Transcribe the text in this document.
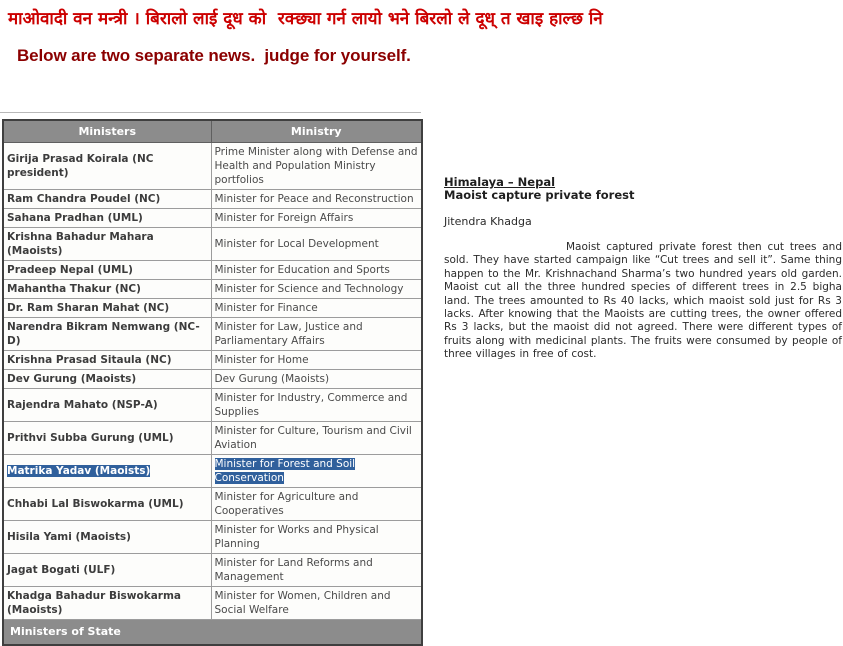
माओवादी वन मन्त्री । बिरालो लाई दूध को  रक्छ्या गर्न लायो भने बिरलो ले दूध् त खाइ हाल्छ नि
Below are two separate news.  judge for yourself.
Ministers	Ministry
Girija Prasad Koirala (NC president)	Prime Minister along with Defense and Health and Population Ministry portfolios
Ram Chandra Poudel (NC)	Minister for Peace and Reconstruction
Sahana Pradhan (UML)	Minister for Foreign Affairs
Krishna Bahadur Mahara (Maoists)	Minister for Local Development
Pradeep Nepal (UML)	Minister for Education and Sports
Mahantha Thakur (NC)	Minister for Science and Technology
Dr. Ram Sharan Mahat (NC)	Minister for Finance
Narendra Bikram Nemwang (NC-D)	Minister for Law, Justice and Parliamentary Affairs
Krishna Prasad Sitaula (NC)	Minister for Home
Dev Gurung (Maoists)	Dev Gurung (Maoists)
Rajendra Mahato (NSP-A)	Minister for Industry, Commerce and Supplies
Prithvi Subba Gurung (UML)	Minister for Culture, Tourism and Civil Aviation
Matrika Yadav (Maoists)	Minister for Forest and Soil Conservation
Chhabi Lal Biswokarma (UML)	Minister for Agriculture and Cooperatives
Hisila Yami (Maoists)	Minister for Works and Physical Planning
Jagat Bogati (ULF)	Minister for Land Reforms and Management
Khadga Bahadur Biswokarma (Maoists)	Minister for Women, Children and Social Welfare
Ministers of State	
Himalaya – Nepal
Maoist capture private forest
Jitendra Khadga
Maoist captured private forest then cut trees and sold. They have started campaign like “Cut trees and sell it”. Same thing happen to the Mr. Krishnachand Sharma’s two hundred years old garden. Maoist cut all the three hundred species of different trees in 2.5 bigha land. The trees amounted to Rs 40 lacks, which maoist sold just for Rs 3 lacks. After knowing that the Maoists are cutting trees, the owner offered Rs 3 lacks, but the maoist did not agreed. There were different types of fruits along with medicinal plants. The fruits were consumed by people of three villages in free of cost.
